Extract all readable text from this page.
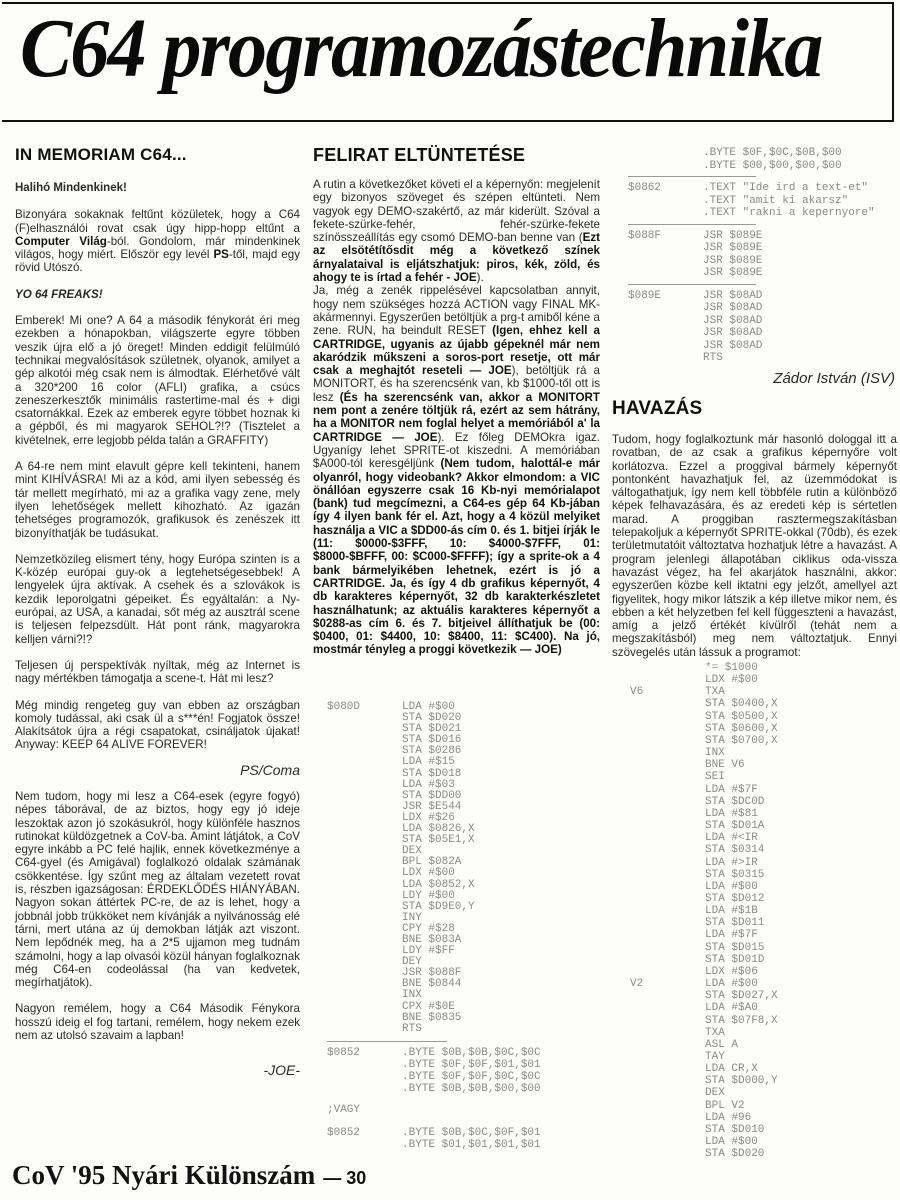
C64 programozástechnika
IN MEMORIAM C64...

Halihó Mindenkinek!

Bizonyára sokaknak feltűnt közületek, hogy a C64 (F)elhasználói rovat csak úgy hipp-hopp eltűnt a Computer Világ-ból. Gondolom, már mindenkinek világos, hogy miért. Először egy levél PS-től, majd egy rövid Utószó.

YO 64 FREAKS!

Emberek! Mi one? A 64 a második fénykorát éri meg ezekben a hónapokban, világszerte egyre többen veszik újra elő a jó öreget! Minden eddigit felülmúló technikai megvalósítások születnek, olyanok, amilyet a gép alkotói még csak nem is álmodtak. Elérhetővé vált a 320*200 16 color (AFLI) grafika, a csúcs zeneszerkesztők minimális rastertime-mal és + digi csatornákkal. Ezek az emberek egyre többet hoznak ki a gépből, és mi magyarok SEHOL?!? (Tisztelet a kivételnek, erre legjobb példa talán a GRAFFITY)

A 64-re nem mint elavult gépre kell tekinteni, hanem mint KIHÍVÁSRA! Mi az a kód, ami ilyen sebesség és tár mellett megírható, mi az a grafika vagy zene, mely ilyen lehetőségek mellett kihozható. Az igazán tehetséges programozók, grafikusok és zenészek itt bizonyíthatják be tudásukat.

Nemzetközileg elismert tény, hogy Európa szinten is a K-közép európai guy-ok a legtehetségesebbek! A lengyelek újra aktívak. A csehek és a szlovákok is kezdik leporolgatni gépeiket. És egyáltalán: a Ny-európai, az USA, a kanadai, sőt még az ausztrál scene is teljesen felpezsdült. Hát pont ránk, magyarokra kelljen várni?!?

Teljesen új perspektívák nyíltak, még az Internet is nagy mértékben támogatja a scene-t. Hát mi lesz?

Még mindig rengeteg guy van ebben az országban komoly tudással, aki csak ül a s***én! Fogjatok össze! Alakítsátok újra a régi csapatokat, csináljatok újakat! Anyway: KEEP 64 ALIVE FOREVER!

PS/Coma

Nem tudom, hogy mi lesz a C64-esek (egyre fogyó) népes táborával, de az biztos, hogy egy jó ideje leszoktak azon jó szokásukról, hogy különféle hasznos rutinokat küldözgetnek a CoV-ba. Amint látjátok, a CoV egyre inkább a PC felé hajlik, ennek következménye a C64-gyel (és Amigával) foglalkozó oldalak számának csökkentése. Így szűnt meg az általam vezetett rovat is, részben igazságosan: ÉRDEKLŐDÉS HIÁNYÁBAN. Nagyon sokan áttértek PC-re, de az is lehet, hogy a jobbnál jobb trükköket nem kívánják a nyilvánosság elé tárni, mert utána az új demokban látják azt viszont. Nem lepődnék meg, ha a 2*5 ujjamon meg tudnám számolni, hogy a lap olvasói közül hányan foglalkoznak még C64-en codeolással (ha van kedvetek, megírhatjátok).

Nagyon remélem, hogy a C64 Második Fénykora hosszú ideig el fog tartani, remélem, hogy nekem ezek nem az utolsó szavaim a lapban!

-JOE-

FELIRAT ELTÜNTETÉSE

A rutin a következőket követi el a képernyőn: megjelenít egy bizonyos szöveget és szépen eltünteti. Nem vagyok egy DEMO-szakértő, az már kiderült. Szóval a fekete-szürke-fehér, fehér-szürke-fekete színösszeállítás egy csomó DEMO-ban benne van (Ezt az elsötétítősdit még a következő színek árnyalataival is eljátszhatjuk: piros, kék, zöld, és ahogy te is írtad a fehér - JOE).

Ja, még a zenék rippelésével kapcsolatban annyit, hogy nem szükséges hozzá ACTION vagy FINAL MK-akármennyi. Egyszerűen betöltjük a prg-t amiből kéne a zene. RUN, ha beindult RESET (Igen, ehhez kell a CARTRIDGE, ugyanis az újabb gépeknél már nem akaródzik műkszeni a soros-port resetje, ott már csak a meghajtót reseteli — JOE), betöltjük rá a MONITORT, és ha szerencsénk van, kb $1000-től ott is lesz (És ha szerencsénk van, akkor a MONITORT nem pont a zenére töltjük rá, ezért az sem hátrány, ha a MONITOR nem foglal helyet a memóriából a' la CARTRIDGE — JOE). Ez főleg DEMOkra igaz. Ugyanígy lehet SPRITE-ot kiszedni. A memóriában $A000-tól keresgéljünk (Nem tudom, halottál-e már olyanról, hogy videobank? Akkor elmondom: a VIC önállóan egyszerre csak 16 Kb-nyi memórialapot (bank) tud megcímezni, a C64-es gép 64 Kb-jában így 4 ilyen bank fér el. Azt, hogy a 4 közül melyiket használja a VIC a $DD00-ás cím 0. és 1. bitjei írják le (11: $0000-$3FFF, 10: $4000-$7FFF, 01: $8000-$BFFF, 00: $C000-$FFFF); így a sprite-ok a 4 bank bármelyikében lehetnek, ezért is jó a CARTRIDGE. Ja, és így 4 db grafikus képernyőt, 4 db karakteres képernyőt, 32 db karakterkészletet használhatunk; az aktuális karakteres képernyőt a $0288-as cím 6. és 7. bitjeivel állíthatjuk be (00: $0400, 01: $4400, 10: $8400, 11: $C400). Na jó, mostmár tényleg a proggi következik — JOE)

$080D	LDA #$00
STA $D020
STA $D021
STA $D016
STA $0286
LDA #$15
STA $D018
LDA #$03
STA $DD00
JSR $E544
LDX #$26
LDA $0826,X
STA $05E1,X
DEX
BPL $082A
LDX #$00
LDA $0852,X
LDY #$00
STA $D9E0,Y
INY
CPY #$28
BNE $083A
LDY #$FF
DEY
JSR $088F
BNE $0844
INX
CPX #$0E
BNE $0835
RTS
$0852	.BYTE $0B,$0B,$0C,$0C
.BYTE $0F,$0F,$01,$01
.BYTE $0F,$0F,$0C,$0C
.BYTE $0B,$0B,$00,$00
;VAGY
$0852	.BYTE $0B,$0C,$0F,$01
.BYTE $01,$01,$01,$01
.BYTE $0F,$0C,$0B,$00
.BYTE $00,$00,$00,$00
$0862	.TEXT "Ide ird a text-et"
.TEXT "amit ki akarsz"
.TEXT "rakni a kepernyore"
$088F	JSR $089E
JSR $089E
JSR $089E
JSR $089E
$089E	JSR $08AD
JSR $08AD
JSR $08AD
JSR $08AD
JSR $08AD
RTS

Zádor István (ISV)

HAVAZÁS

Tudom, hogy foglalkoztunk már hasonló dologgal itt a rovatban, de az csak a grafikus képernyőre volt korlátozva. Ezzel a proggival bármely képernyőt pontonként havazhatjuk fel, az üzemmódokat is váltogathatjuk, így nem kell többféle rutin a különböző képek felhavazására, és az eredeti kép is sértetlen marad. A proggiban rasztermegszakításban telepakoljuk a képernyőt SPRITE-okkal (70db), és ezek területmutatóit változtatva hozhatjuk létre a havazást. A program jelenlegi állapotában ciklikus oda-vissza havazást végez, ha fel akarjátok használni, akkor: egyszerűen közbe kell iktatni egy jelzőt, amellyel azt figyelitek, hogy mikor látszik a kép illetve mikor nem, és ebben a két helyzetben fel kell függeszteni a havazást, amíg a jelző értékét kívülről (tehát nem a megszakításból) meg nem változtatjuk. Ennyi szövegelés után lássuk a programot:

*= $1000
LDX #$00
V6	TXA
STA $0400,X
STA $0500,X
STA $0600,X
STA $0700,X
INX
BNE V6
SEI
LDA #$7F
STA $DC0D
LDA #$81
STA $D01A
LDA #<IR
STA $0314
LDA #>IR
STA $0315
LDA #$00
STA $D012
LDA #$1B
STA $D011
LDA #$7F
STA $D015
STA $D01D
LDX #$06
V2	LDA #$00
STA $D027,X
LDA #$A0
STA $07F8,X
TXA
ASL A
TAY
LDA CR,X
STA $D000,Y
DEX
BPL V2
LDA #96
STA $D010
LDA #$00
STA $D020
CoV '95 Nyári Különszám — 30
